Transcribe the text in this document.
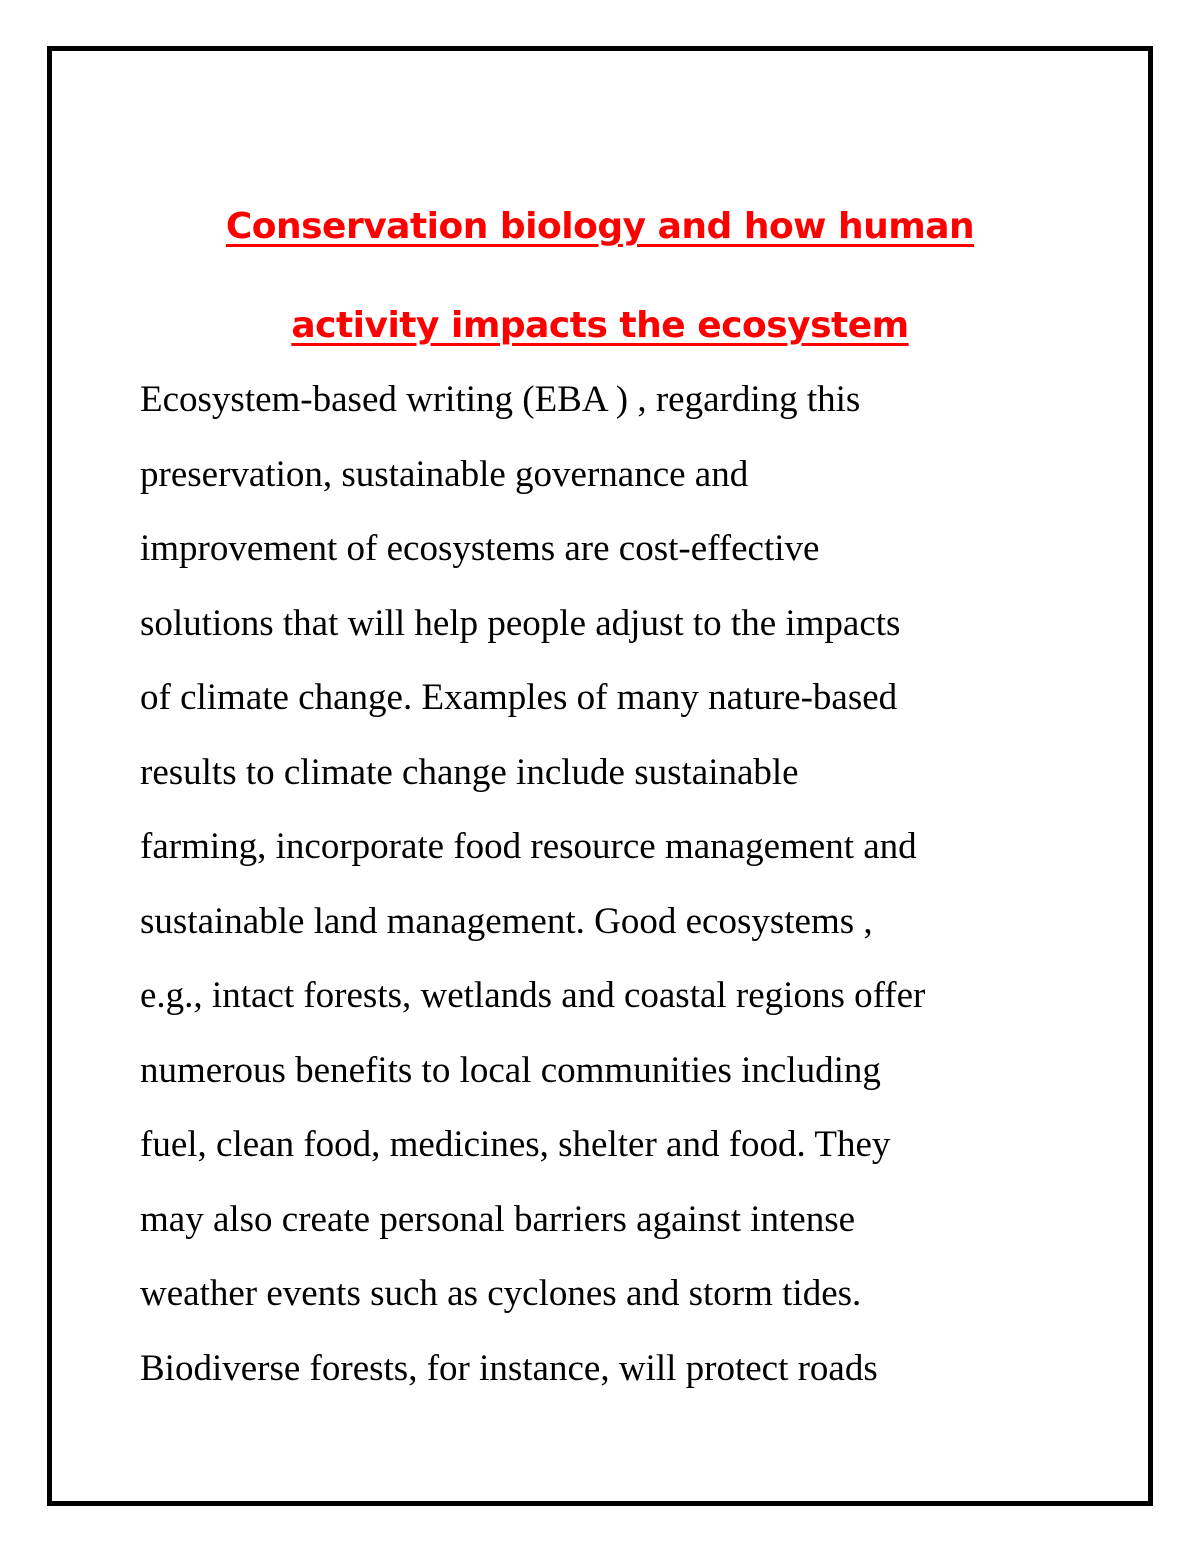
Conservation biology and how human
activity impacts the ecosystem

Ecosystem-based writing (EBA ) , regarding this
preservation, sustainable governance and
improvement of ecosystems are cost-effective
solutions that will help people adjust to the impacts
of climate change. Examples of many nature-based
results to climate change include sustainable
farming, incorporate food resource management and
sustainable land management. Good ecosystems ,
e.g., intact forests, wetlands and coastal regions offer
numerous benefits to local communities including
fuel, clean food, medicines, shelter and food. They
may also create personal barriers against intense
weather events such as cyclones and storm tides.
Biodiverse forests, for instance, will protect roads
